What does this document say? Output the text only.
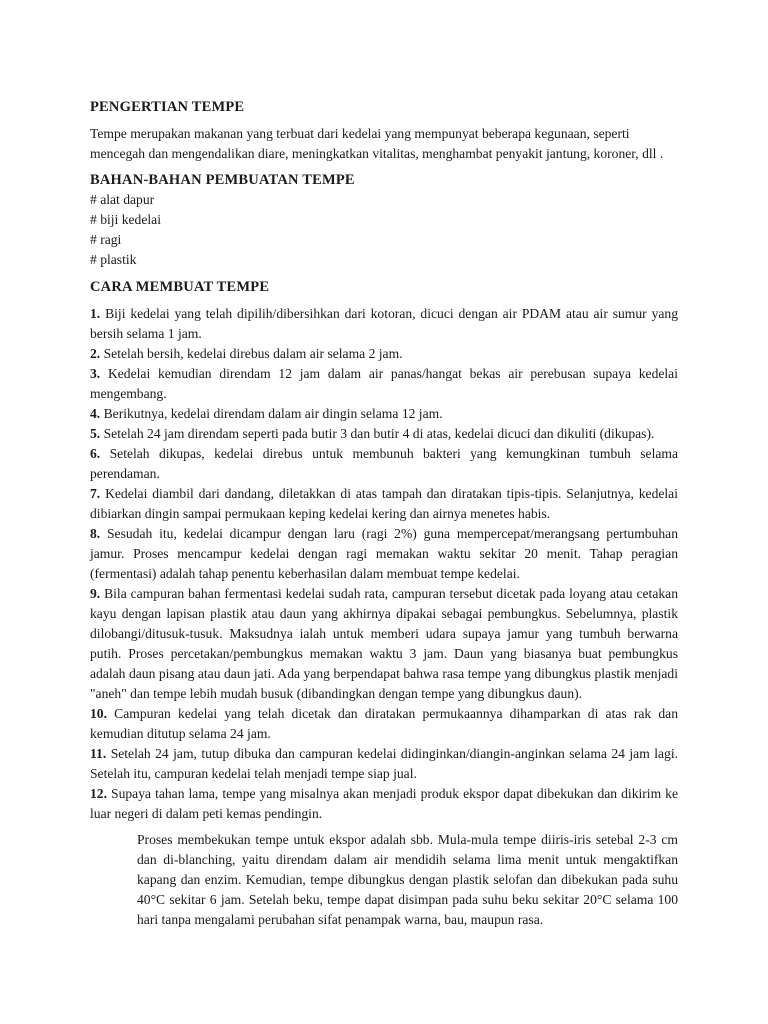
PENGERTIAN TEMPE

Tempe merupakan makanan yang terbuat dari kedelai yang mempunyat beberapa kegunaan, seperti mencegah dan mengendalikan diare, meningkatkan vitalitas, menghambat penyakit jantung, koroner, dll .

BAHAN-BAHAN PEMBUATAN TEMPE
# alat dapur
# biji kedelai
# ragi
# plastik
CARA MEMBUAT TEMPE
1. Biji kedelai yang telah dipilih/dibersihkan dari kotoran, dicuci dengan air PDAM atau air sumur yang bersih selama 1 jam.
2. Setelah bersih, kedelai direbus dalam air selama 2 jam.
3. Kedelai kemudian direndam 12 jam dalam air panas/hangat bekas air perebusan supaya kedelai mengembang.
4. Berikutnya, kedelai direndam dalam air dingin selama 12 jam.
5. Setelah 24 jam direndam seperti pada butir 3 dan butir 4 di atas, kedelai dicuci dan dikuliti (dikupas).
6. Setelah dikupas, kedelai direbus untuk membunuh bakteri yang kemungkinan tumbuh selama perendaman.
7. Kedelai diambil dari dandang, diletakkan di atas tampah dan diratakan tipis-tipis. Selanjutnya, kedelai dibiarkan dingin sampai permukaan keping kedelai kering dan airnya menetes habis.
8. Sesudah itu, kedelai dicampur dengan laru (ragi 2%) guna mempercepat/merangsang pertumbuhan jamur. Proses mencampur kedelai dengan ragi memakan waktu sekitar 20 menit. Tahap peragian (fermentasi) adalah tahap penentu keberhasilan dalam membuat tempe kedelai.
9. Bila campuran bahan fermentasi kedelai sudah rata, campuran tersebut dicetak pada loyang atau cetakan kayu dengan lapisan plastik atau daun yang akhirnya dipakai sebagai pembungkus. Sebelumnya, plastik dilobangi/ditusuk-tusuk. Maksudnya ialah untuk memberi udara supaya jamur yang tumbuh berwarna putih. Proses percetakan/pembungkus memakan waktu 3 jam. Daun yang biasanya buat pembungkus adalah daun pisang atau daun jati. Ada yang berpendapat bahwa rasa tempe yang dibungkus plastik menjadi "aneh" dan tempe lebih mudah busuk (dibandingkan dengan tempe yang dibungkus daun).
10. Campuran kedelai yang telah dicetak dan diratakan permukaannya dihamparkan di atas rak dan kemudian ditutup selama 24 jam.
11. Setelah 24 jam, tutup dibuka dan campuran kedelai didinginkan/diangin-anginkan selama 24 jam lagi. Setelah itu, campuran kedelai telah menjadi tempe siap jual.
12. Supaya tahan lama, tempe yang misalnya akan menjadi produk ekspor dapat dibekukan dan dikirim ke luar negeri di dalam peti kemas pendingin.

Proses membekukan tempe untuk ekspor adalah sbb. Mula-mula tempe diiris-iris setebal 2-3 cm dan di-blanching, yaitu direndam dalam air mendidih selama lima menit untuk mengaktifkan kapang dan enzim. Kemudian, tempe dibungkus dengan plastik selofan dan dibekukan pada suhu 40°C sekitar 6 jam. Setelah beku, tempe dapat disimpan pada suhu beku sekitar 20°C selama 100 hari tanpa mengalami perubahan sifat penampak warna, bau, maupun rasa.
